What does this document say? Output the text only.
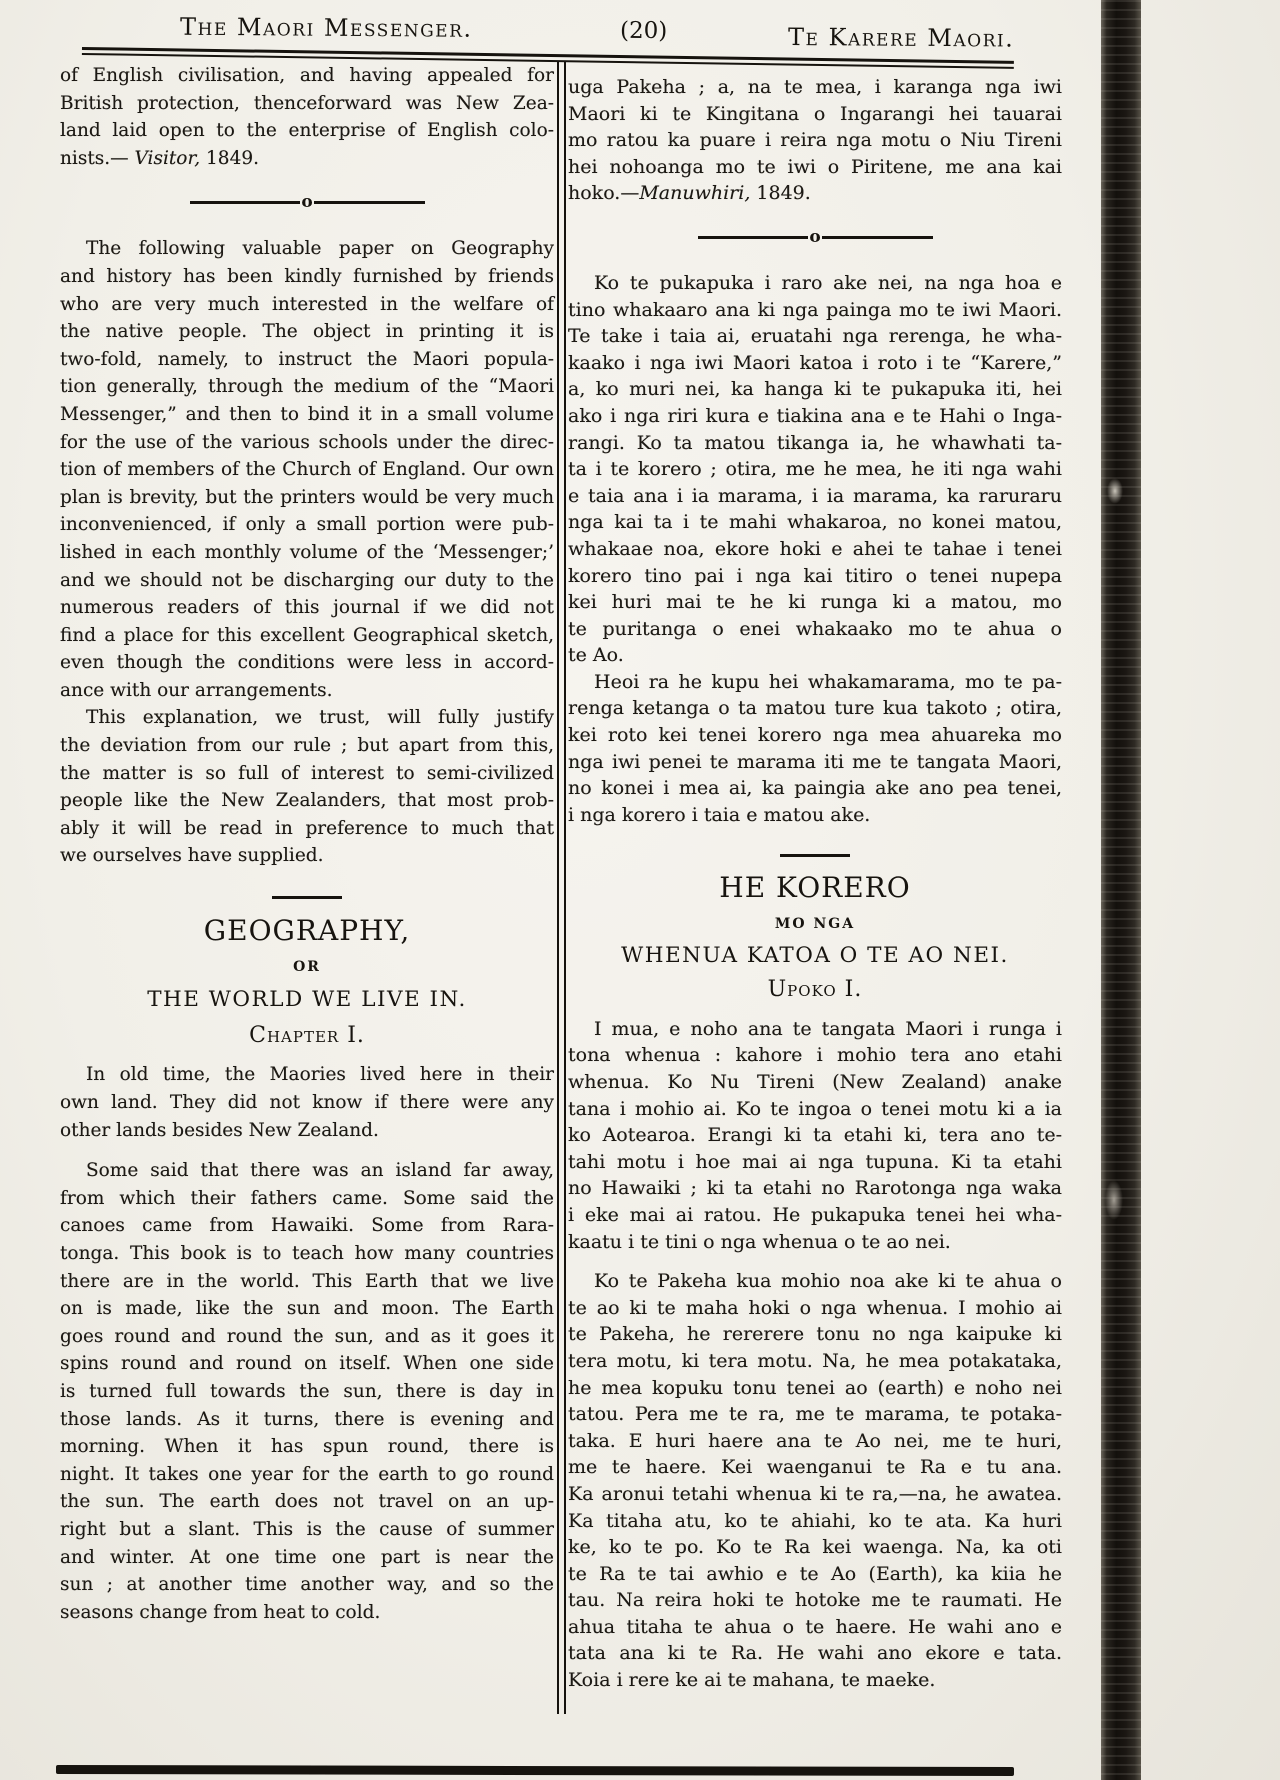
The Maori Messenger.	(20)	Te Karere Maori.
of English civilisation, and having appealed for
British protection, thenceforward was New Zea-
land laid open to the enterprise of English colo-
nists.— Visitor, 1849.
o
The following valuable paper on Geography
and history has been kindly furnished by friends
who are very much interested in the welfare of
the native people. The object in printing it is
two-fold, namely, to instruct the Maori popula-
tion generally, through the medium of the “Maori
Messenger,” and then to bind it in a small volume
for the use of the various schools under the direc-
tion of members of the Church of England. Our own
plan is brevity, but the printers would be very much
inconvenienced, if only a small portion were pub-
lished in each monthly volume of the ‘Messenger;’
and we should not be discharging our duty to the
numerous readers of this journal if we did not
find a place for this excellent Geographical sketch,
even though the conditions were less in accord-
ance with our arrangements.
This explanation, we trust, will fully justify
the deviation from our rule ; but apart from this,
the matter is so full of interest to semi-civilized
people like the New Zealanders, that most prob-
ably it will be read in preference to much that
we ourselves have supplied.
GEOGRAPHY,
OR
THE WORLD WE LIVE IN.
Chapter I.
In old time, the Maories lived here in their
own land. They did not know if there were any
other lands besides New Zealand.
Some said that there was an island far away,
from which their fathers came. Some said the
canoes came from Hawaiki. Some from Rara-
tonga. This book is to teach how many countries
there are in the world. This Earth that we live
on is made, like the sun and moon. The Earth
goes round and round the sun, and as it goes it
spins round and round on itself. When one side
is turned full towards the sun, there is day in
those lands. As it turns, there is evening and
morning. When it has spun round, there is
night. It takes one year for the earth to go round
the sun. The earth does not travel on an up-
right but a slant. This is the cause of summer
and winter. At one time one part is near the
sun ; at another time another way, and so the
seasons change from heat to cold.
uga Pakeha ; a, na te mea, i karanga nga iwi
Maori ki te Kingitana o Ingarangi hei tauarai
mo ratou ka puare i reira nga motu o Niu Tireni
hei nohoanga mo te iwi o Piritene, me ana kai
hoko.—Manuwhiri, 1849.
o
Ko te pukapuka i raro ake nei, na nga hoa e
tino whakaaro ana ki nga painga mo te iwi Maori.
Te take i taia ai, eruatahi nga rerenga, he wha-
kaako i nga iwi Maori katoa i roto i te “Karere,”
a, ko muri nei, ka hanga ki te pukapuka iti, hei
ako i nga riri kura e tiakina ana e te Hahi o Inga-
rangi. Ko ta matou tikanga ia, he whawhati ta-
ta i te korero ; otira, me he mea, he iti nga wahi
e taia ana i ia marama, i ia marama, ka raruraru
nga kai ta i te mahi whakaroa, no konei matou,
whakaae noa, ekore hoki e ahei te tahae i tenei
korero tino pai i nga kai titiro o tenei nupepa
kei huri mai te he ki runga ki a matou, mo
te puritanga o enei whakaako mo te ahua o
te Ao.
Heoi ra he kupu hei whakamarama, mo te pa-
renga ketanga o ta matou ture kua takoto ; otira,
kei roto kei tenei korero nga mea ahuareka mo
nga iwi penei te marama iti me te tangata Maori,
no konei i mea ai, ka paingia ake ano pea tenei,
i nga korero i taia e matou ake.
HE KORERO
MO NGA
WHENUA KATOA O TE AO NEI.
Upoko I.
I mua, e noho ana te tangata Maori i runga i
tona whenua : kahore i mohio tera ano etahi
whenua. Ko Nu Tireni (New Zealand) anake
tana i mohio ai. Ko te ingoa o tenei motu ki a ia
ko Aotearoa. Erangi ki ta etahi ki, tera ano te-
tahi motu i hoe mai ai nga tupuna. Ki ta etahi
no Hawaiki ; ki ta etahi no Rarotonga nga waka
i eke mai ai ratou. He pukapuka tenei hei wha-
kaatu i te tini o nga whenua o te ao nei.
Ko te Pakeha kua mohio noa ake ki te ahua o
te ao ki te maha hoki o nga whenua. I mohio ai
te Pakeha, he rererere tonu no nga kaipuke ki
tera motu, ki tera motu. Na, he mea potakataka,
he mea kopuku tonu tenei ao (earth) e noho nei
tatou. Pera me te ra, me te marama, te potaka-
taka. E huri haere ana te Ao nei, me te huri,
me te haere. Kei waenganui te Ra e tu ana.
Ka aronui tetahi whenua ki te ra,—na, he awatea.
Ka titaha atu, ko te ahiahi, ko te ata. Ka huri
ke, ko te po. Ko te Ra kei waenga. Na, ka oti
te Ra te tai awhio e te Ao (Earth), ka kiia he
tau. Na reira hoki te hotoke me te raumati. He
ahua titaha te ahua o te haere. He wahi ano e
tata ana ki te Ra. He wahi ano ekore e tata.
Koia i rere ke ai te mahana, te maeke.
